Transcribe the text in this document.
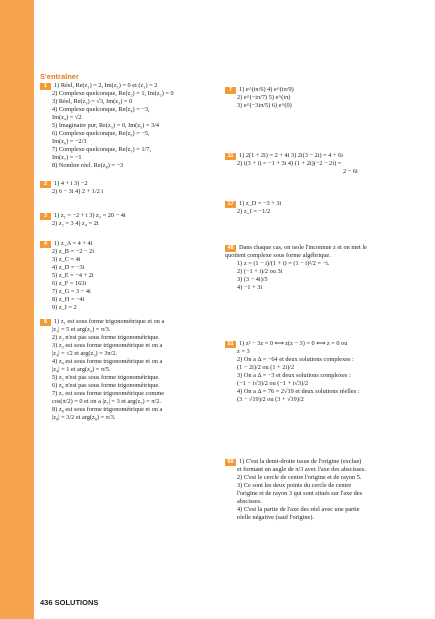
S'entraîner
1 1) Réel, Re(z₁) = 2, Im(z₁) = 0 et (z₁) = 2
2) Complexe quelconque, Re(z₂) = 1, Im(z₂) = 0
3) Réel, Re(z₃) = √3, Im(z₃) = 0
4) Complexe quelconque, Re(z₄) = −3,
Im(z₄) = √2
5) Imaginaire pur, Re(z₅) = 0, Im(z₅) = 3/4
6) Complexe quelconque, Re(z₆) = −5,
Im(z₆) = −2/3
7) Complexe quelconque, Re(z₇) = 1/7,
Im(z₇) = −1
8) Nombre réel. Re(z₈) = −3
2 1) 4 + i 3) −2
2) 6 − 3i 4) 2 + 1/2 i
3 1) z₁ = −2 + i 3) z₃ = 20 − 4i
2) z₂ = 3 4) z₄ = 2i
4 1) z_A = 4 + 4i
2) z_B = −2 − 2i
3) z_C = 4i
4) z_D = −3i
5) z_E = −4 + 2i
6) z_F = 163i
7) z_G = 3 − 4i
8) z_H = −4i
9) z_I = 2
8 1) z₁ est sous forme trigonométrique et on a
|z₁| = 5 et arg(z₁) = π/3.
2) z₂ n'est pas sous forme trigonométrique.
3) z₃ est sous forme trigonométrique et on a
|z₃| = √2 et arg(z₃) = 3π/2.
4) z₄ est sous forme trigonométrique et on a
|z₄| = 1 et arg(z₄) = π/5.
5) z₅ n'est pas sous forme trigonométrique.
6) z₆ n'est pas sous forme trigonométrique.
7) z₇ est sous forme trigonométrique comme
cos(π/2) = 0 et on a |z₇| = 3 et arg(z₇) = π/2.
8) z₈ est sous forme trigonométrique et on a
|z₈| = 3/2 et arg(z₈) = π/3.
7 1) e^(iπ/6) 4) e^(iπ/9)
2) e^(−iπ/7) 5) e^(iπ)
3) e^(−3iπ/5) 6) e^(0)
11 1) 2(1 + 2i) = 2 + 4i 3) 2i(3 − 2i) = 4 + 6i
2) i(3 + i) = −1 + 3i 4) (1 + 2i)(−2 − 2i) =
2 − 6i
17 1) z_D = −3 + 3i
2) z_I = −1/2
48 Dans chaque cas, on isole l'inconnue z et on met le
quotient complexe sous forme algébrique.
1) z = (1 − i)/(1 + i) = (1 − i)²/2 = −i.
2) (−1 + i)/2 ou 3i
3) (3 − 4i)/5
4) −1 + 3i
51 1) z² − 3z = 0 ⟺ z(z − 3) = 0 ⟺ z = 0 ou
z = 3
2) On a Δ = −64 et deux solutions complexes :
(1 − 2i)/2 ou (1 + 2i)/2
3) On a Δ = −3 et deux solutions complexes :
(−1 − i√3)/2 ou (−1 + i√3)/2
4) On a Δ = 76 = 2√19 et deux solutions réelles :
(3 − √19)/2 ou (3 + √19)/2
60 1) C'est la demi-droite issue de l'origine (exclue)
et formant un angle de π/3 avec l'axe des abscisses.
2) C'est le cercle de centre l'origine et de rayon 5.
3) Ce sont les deux points du cercle de centre
l'origine et de rayon 3 qui sont situés sur l'axe des
abscisses.
4) C'est la partie de l'axe des réel avec une partie
réelle négative (sauf l'origine).
436 SOLUTIONS
